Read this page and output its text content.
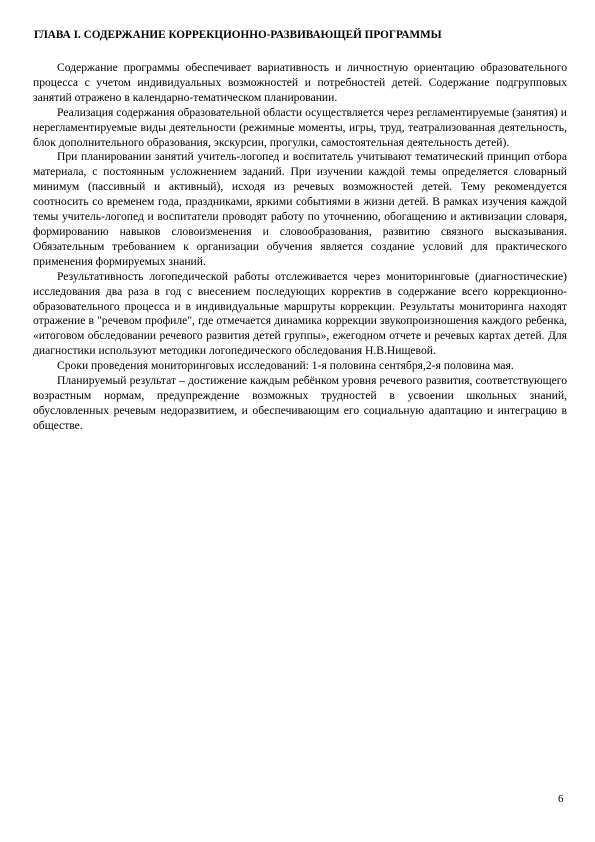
ГЛАВА I. СОДЕРЖАНИЕ КОРРЕКЦИОННО-РАЗВИВАЮЩЕЙ ПРОГРАММЫ

Содержание программы обеспечивает вариативность и личностную ориентацию образовательного процесса с учетом индивидуальных возможностей и потребностей детей. Содержание подгрупповых занятий отражено в календарно-тематическом планировании.

Реализация содержания образовательной области осуществляется через регламентируемые (занятия) и нерегламентируемые виды деятельности (режимные моменты, игры, труд, театрализованная деятельность, блок дополнительного образования, экскурсии, прогулки, самостоятельная деятельность детей).

При планировании занятий учитель-логопед и воспитатель учитывают тематический принцип отбора материала, с постоянным усложнением заданий. При изучении каждой темы определяется словарный минимум (пассивный и активный), исходя из речевых возможностей детей. Тему рекомендуется соотносить со временем года, праздниками, яркими событиями в жизни детей. В рамках изучения каждой темы учитель-логопед и воспитатели проводят работу по уточнению, обогащению и активизации словаря, формированию навыков словоизменения и словообразования, развитию связного высказывания. Обязательным требованием к организации обучения является создание условий для практического применения формируемых знаний.

Результативность логопедической работы отслеживается через мониторинговые (диагностические) исследования два раза в год с внесением последующих корректив в содержание всего коррекционно-образовательного процесса и в индивидуальные маршруты коррекции. Результаты мониторинга находят отражение в "речевом профиле", где отмечается динамика коррекции звукопроизношения каждого ребенка, «итоговом обследовании речевого развития детей группы», ежегодном отчете и речевых картах детей. Для диагностики используют методики логопедического обследования Н.В.Нищевой.

Сроки проведения мониторинговых исследований: 1-я половина сентября,2-я половина мая.

Планируемый результат – достижение каждым ребёнком уровня речевого развития, соответствующего возрастным нормам, предупреждение возможных трудностей в усвоении школьных знаний, обусловленных речевым недоразвитием, и обеспечивающим его социальную адаптацию и интеграцию в обществе.

6
